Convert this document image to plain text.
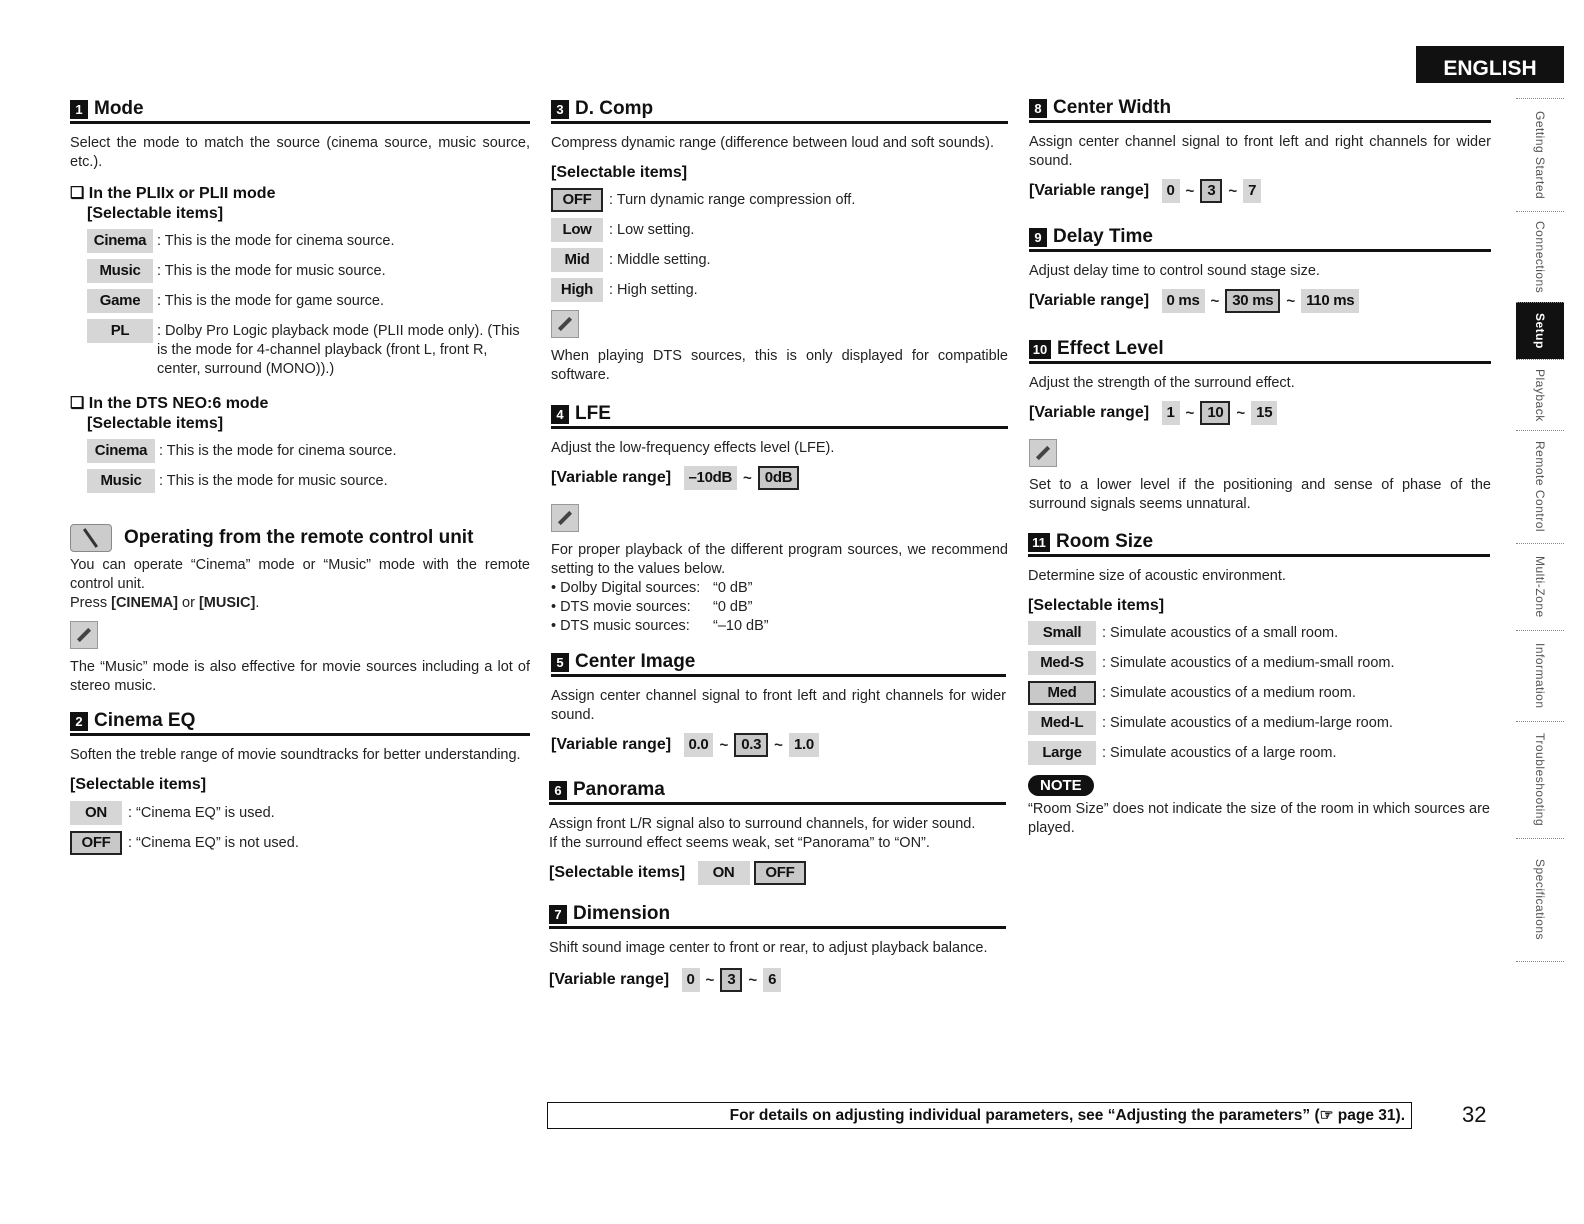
ENGLISH
Getting Started
Connections
Setup
Playback
Remote Control
Multi-Zone
Information
Troubleshooting
Specifications
1 Mode

Select the mode to match the source (cinema source, music source, etc.).

❑ In the PLIIx or PLII mode
[Selectable items]
Cinema : This is the mode for cinema source.
Music	: This is the mode for music source.
Game	: This is the mode for game source.
PL	: Dolby Pro Logic playback mode (PLII mode only). (This is the mode for 4-channel playback (front L, front R, center, surround (MONO)).)
❑ In the DTS NEO:6 mode
[Selectable items]
Cinema : This is the mode for cinema source.
Music	: This is the mode for music source.
Operating from the remote control unit

You can operate “Cinema” mode or “Music” mode with the remote control unit.

Press [CINEMA] or [MUSIC].

The “Music” mode is also effective for movie sources including a lot of stereo music.

2 Cinema EQ

Soften the treble range of movie soundtracks for better understanding.

[Selectable items]
ON	: “Cinema EQ” is used.
OFF	: “Cinema EQ” is not used.
3 D. Comp

Compress dynamic range (difference between loud and soft sounds).

[Selectable items]
OFF	: Turn dynamic range compression off.
Low	: Low setting.
Mid	: Middle setting.
High	: High setting.

When playing DTS sources, this is only displayed for compatible software.

4 LFE

Adjust the low-frequency effects level (LFE).

[Variable range] –10dB ~ 0dB

For proper playback of the different program sources, we recommend setting to the values below.

• Dolby Digital sources: “0 dB”
• DTS movie sources: “0 dB”
• DTS music sources: “–10 dB”
5 Center Image

Assign center channel signal to front left and right channels for wider sound.

[Variable range] 0.0 ~ 0.3 ~ 1.0
6 Panorama

Assign front L/R signal also to surround channels, for wider sound.

If the surround effect seems weak, set “Panorama” to “ON”.

[Selectable items] ON OFF
7 Dimension

Shift sound image center to front or rear, to adjust playback balance.

[Variable range] 0 ~ 3 ~ 6
8 Center Width

Assign center channel signal to front left and right channels for wider sound.

[Variable range] 0 ~ 3 ~ 7
9 Delay Time

Adjust delay time to control sound stage size.

[Variable range] 0 ms ~ 30 ms ~ 110 ms
10 Effect Level

Adjust the strength of the surround effect.

[Variable range] 1 ~ 10 ~ 15

Set to a lower level if the positioning and sense of phase of the surround signals seems unnatural.

11 Room Size

Determine size of acoustic environment.

[Selectable items]
Small	: Simulate acoustics of a small room.
Med-S	: Simulate acoustics of a medium-small room.
Med	: Simulate acoustics of a medium room.
Med-L	: Simulate acoustics of a medium-large room.
Large	: Simulate acoustics of a large room.
NOTE

“Room Size” does not indicate the size of the room in which sources are played.

For details on adjusting individual parameters, see “Adjusting the parameters” (☞ page 31).	32
